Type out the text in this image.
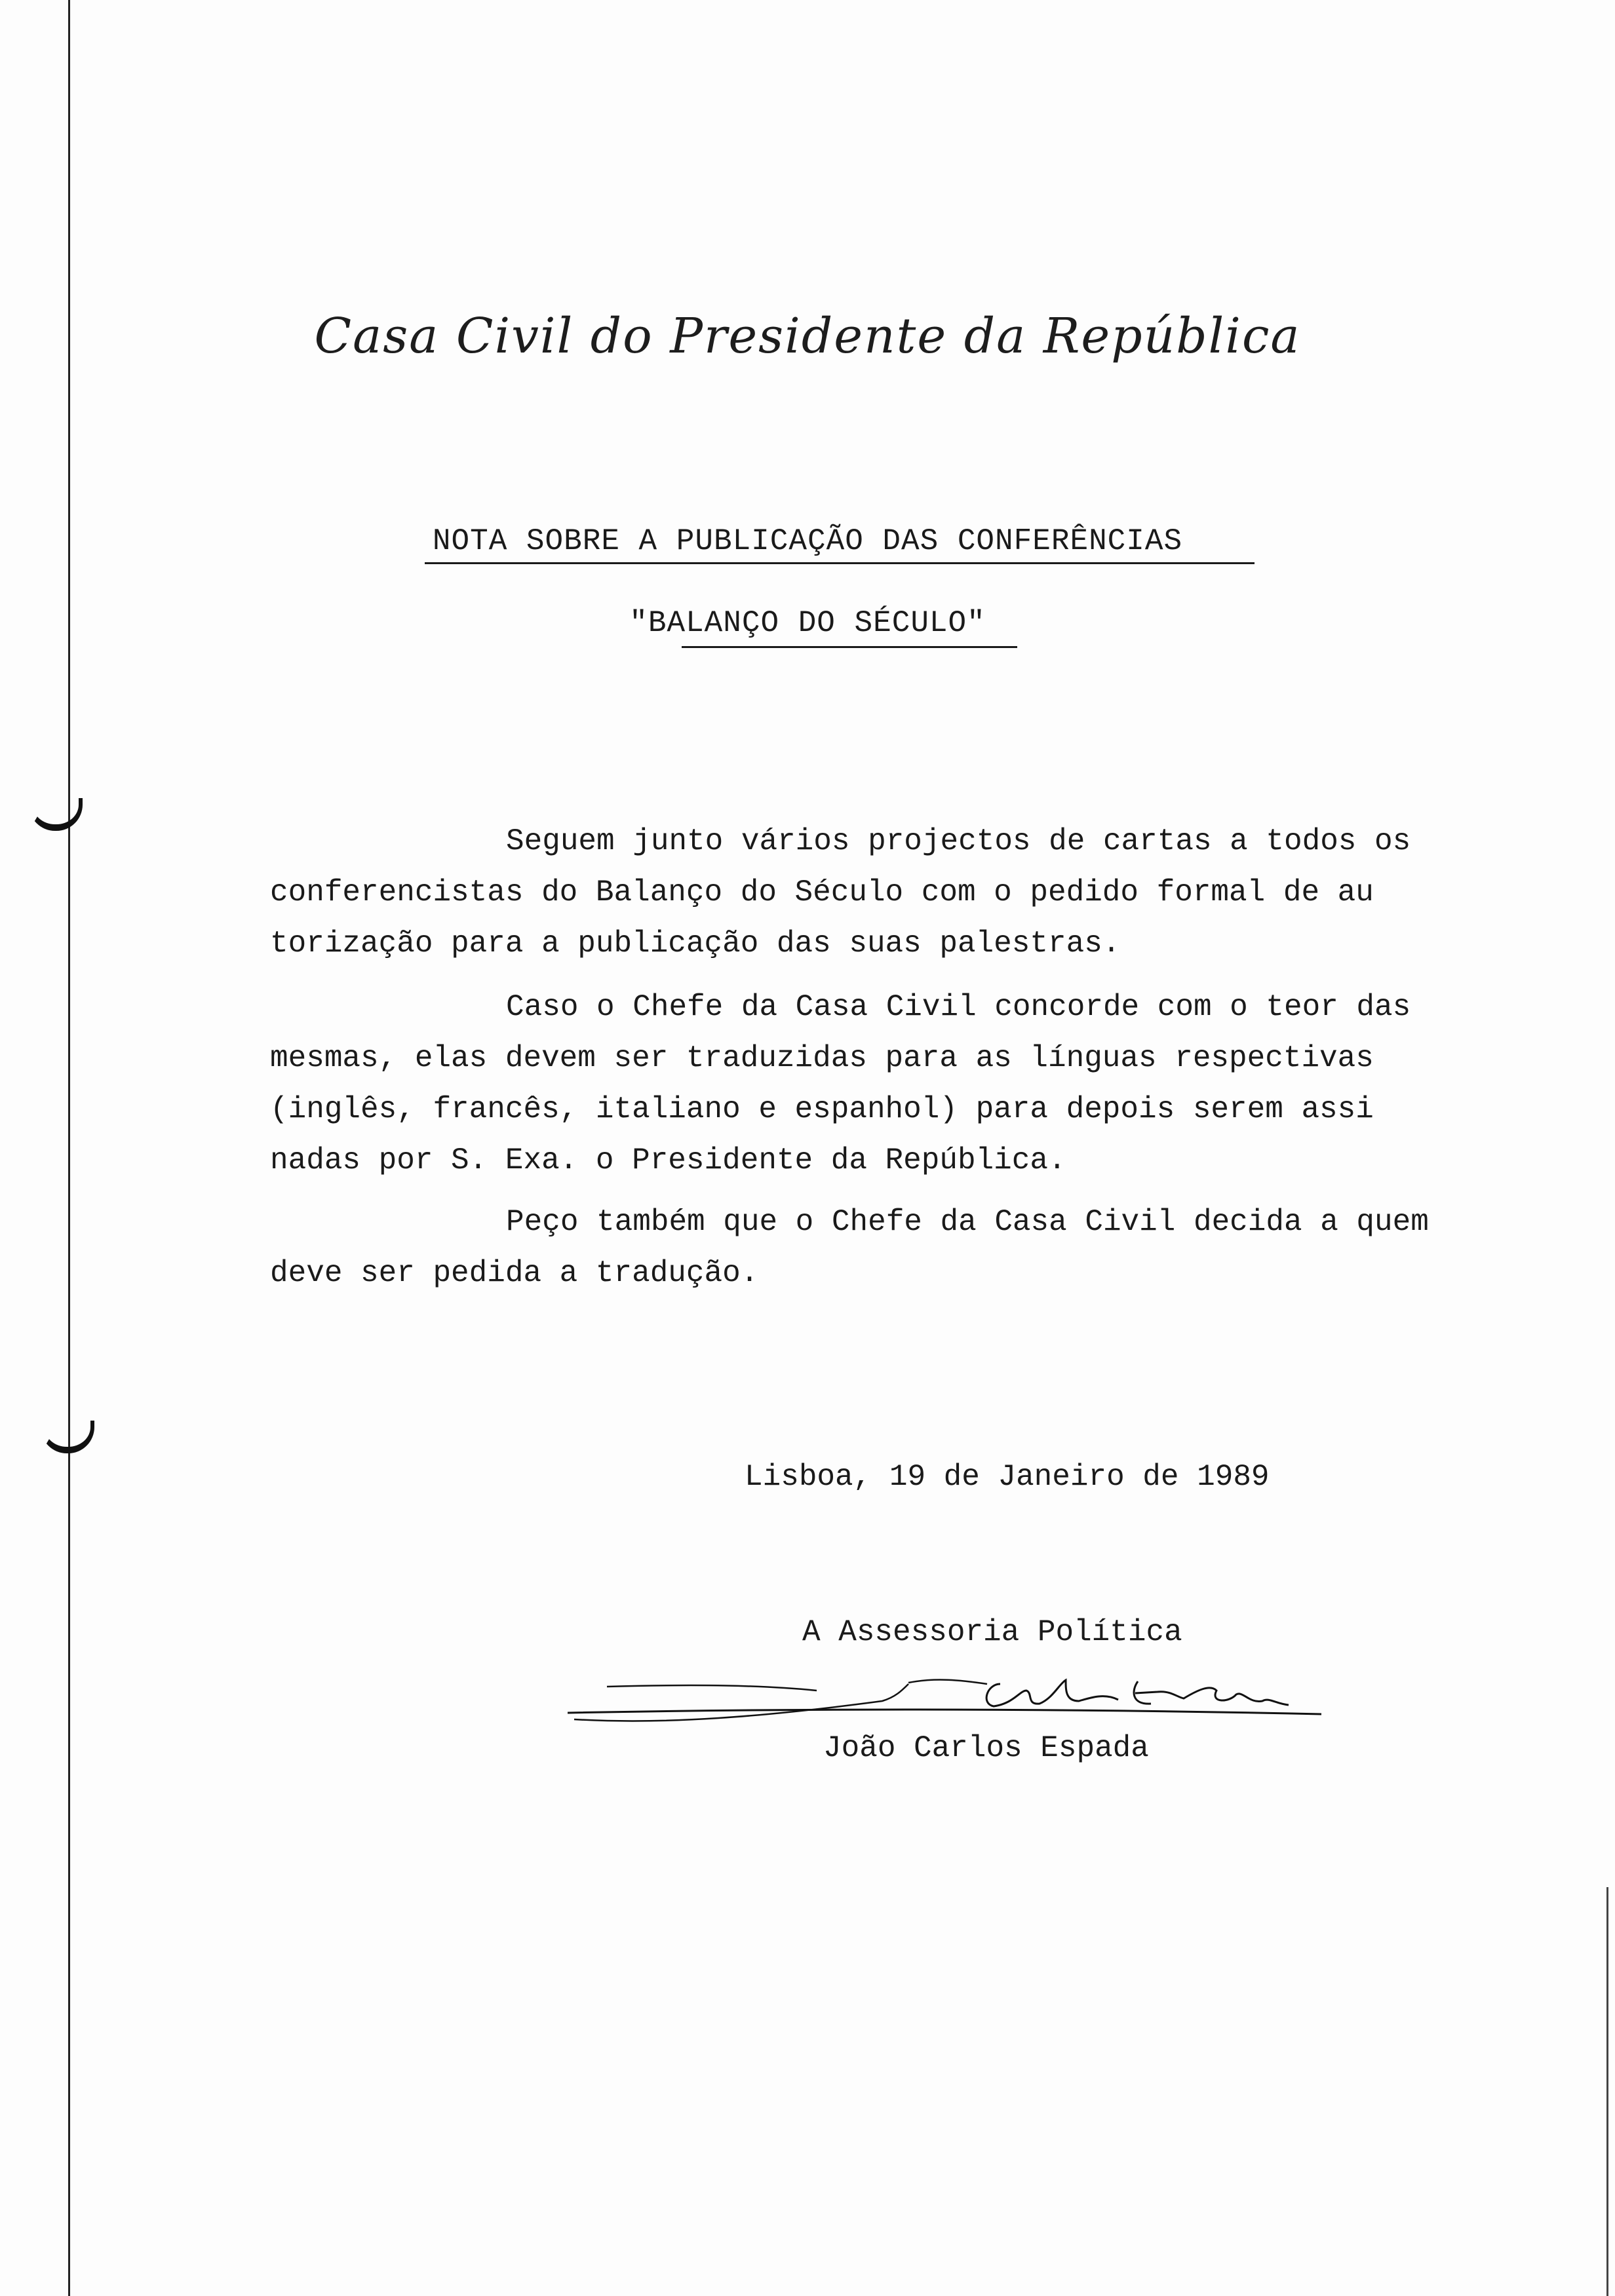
Casa Civil do Presidente da República
NOTA SOBRE A PUBLICAÇÃO DAS CONFERÊNCIAS
"BALANÇO DO SÉCULO"
Seguem junto vários projectos de cartas a todos os
conferencistas do Balanço do Século com o pedido formal de au
torização para a publicação das suas palestras.
Caso o Chefe da Casa Civil concorde com o teor das
mesmas, elas devem ser traduzidas para as línguas respectivas
(inglês, francês, italiano e espanhol) para depois serem assi
nadas por S. Exa. o Presidente da República.
Peço também que o Chefe da Casa Civil decida a quem
deve ser pedida a tradução.
Lisboa, 19 de Janeiro de 1989
A Assessoria Política
João Carlos Espada
